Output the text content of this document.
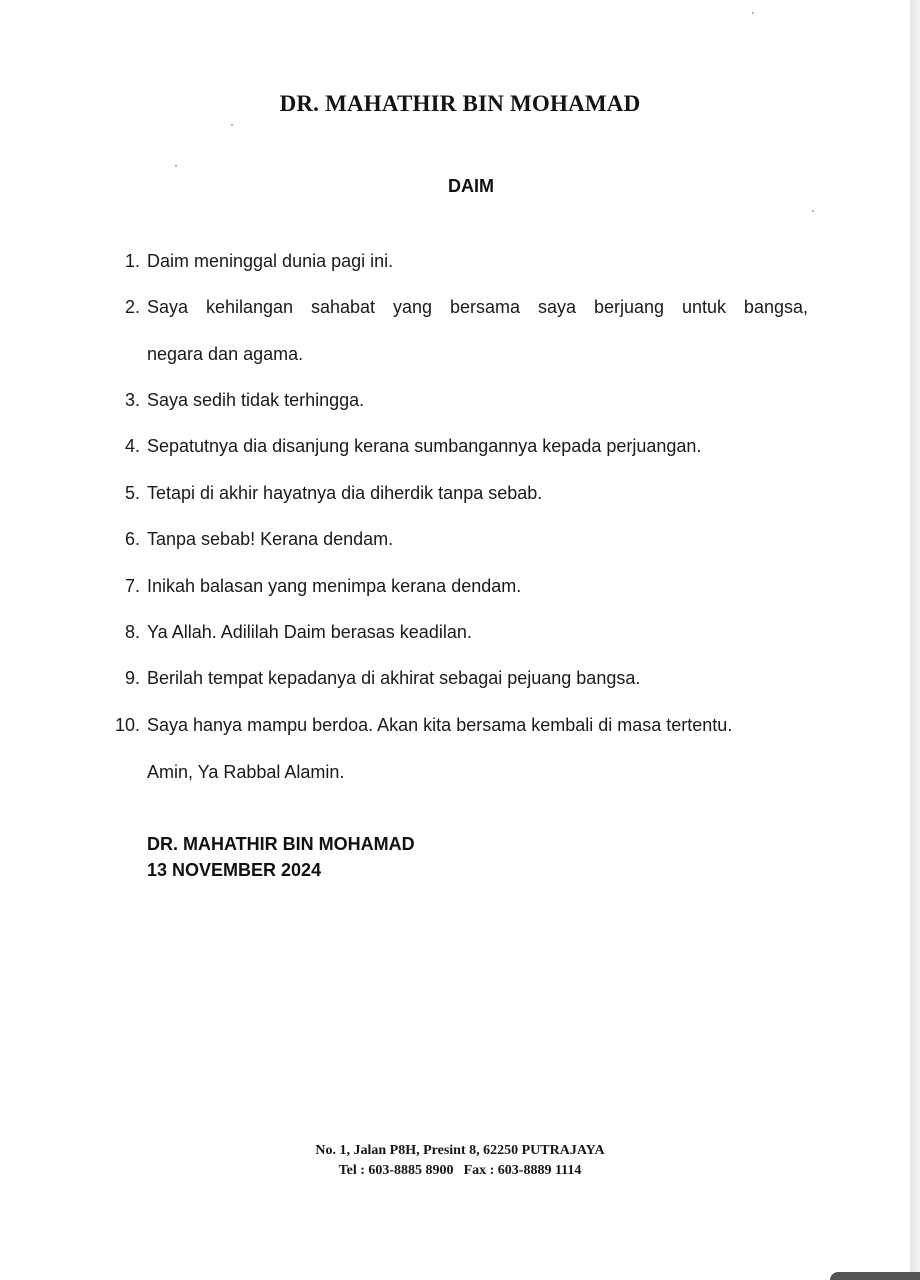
DR. MAHATHIR BIN MOHAMAD
DAIM
1. Daim meninggal dunia pagi ini.
2. Saya kehilangan sahabat yang bersama saya berjuang untuk bangsa,
negara dan agama.
3. Saya sedih tidak terhingga.
4. Sepatutnya dia disanjung kerana sumbangannya kepada perjuangan.
5. Tetapi di akhir hayatnya dia diherdik tanpa sebab.
6. Tanpa sebab! Kerana dendam.
7. Inikah balasan yang menimpa kerana dendam.
8. Ya Allah. Adililah Daim berasas keadilan.
9. Berilah tempat kepadanya di akhirat sebagai pejuang bangsa.
10. Saya hanya mampu berdoa. Akan kita bersama kembali di masa tertentu.
Amin, Ya Rabbal Alamin.
DR. MAHATHIR BIN MOHAMAD
13 NOVEMBER 2024
No. 1, Jalan P8H, Presint 8, 62250 PUTRAJAYA
Tel : 603-8885 8900 Fax : 603-8889 1114
